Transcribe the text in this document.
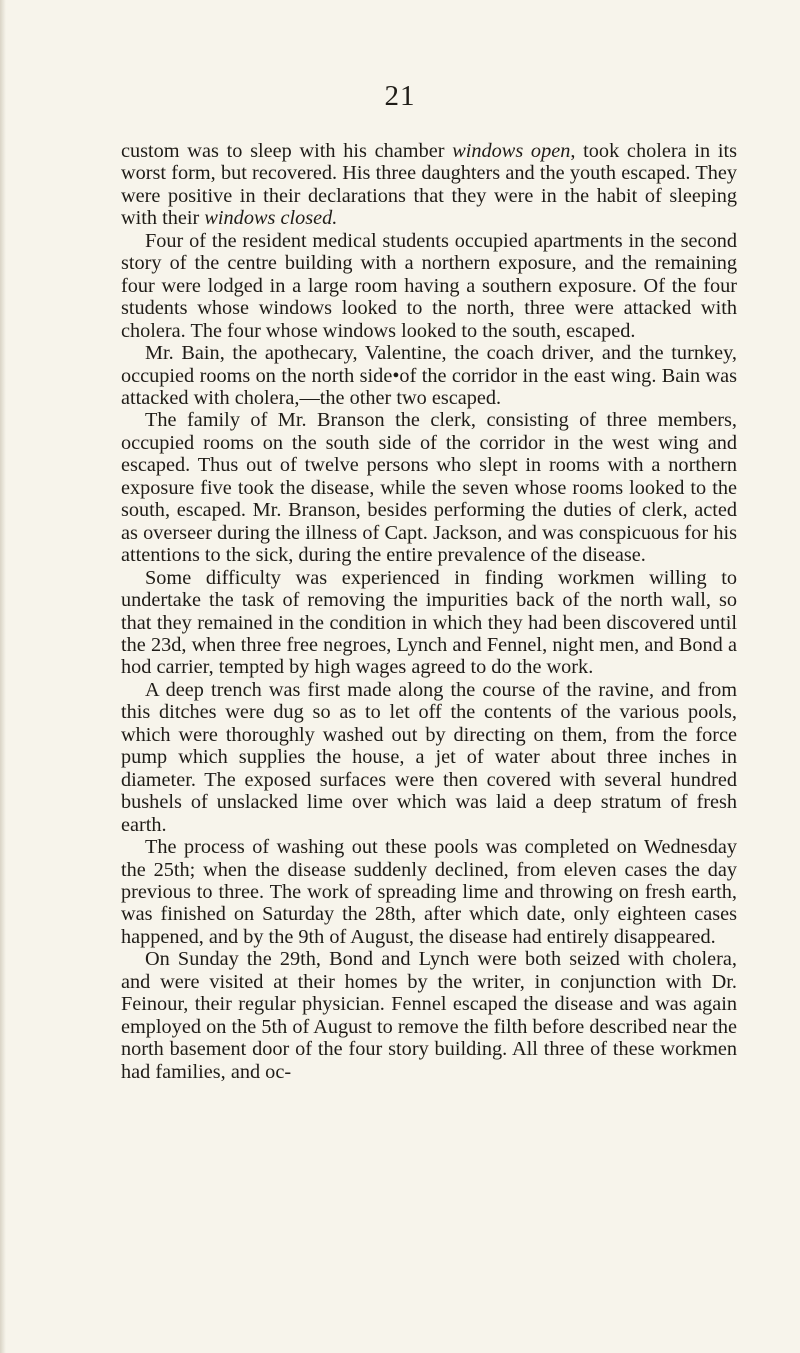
21

custom was to sleep with his chamber windows open, took cholera in its worst form, but recovered. His three daughters and the youth escaped. They were positive in their declarations that they were in the habit of sleeping with their windows closed.

Four of the resident medical students occupied apartments in the second story of the centre building with a northern exposure, and the remaining four were lodged in a large room having a southern exposure. Of the four students whose windows looked to the north, three were attacked with cholera. The four whose windows looked to the south, escaped.

Mr. Bain, the apothecary, Valentine, the coach driver, and the turnkey, occupied rooms on the north side•of the corridor in the east wing. Bain was attacked with cholera,—the other two escaped.

The family of Mr. Branson the clerk, consisting of three members, occupied rooms on the south side of the corridor in the west wing and escaped. Thus out of twelve persons who slept in rooms with a northern exposure five took the disease, while the seven whose rooms looked to the south, escaped. Mr. Branson, besides performing the duties of clerk, acted as overseer during the illness of Capt. Jackson, and was conspicuous for his attentions to the sick, during the entire prevalence of the disease.

Some difficulty was experienced in finding workmen willing to undertake the task of removing the impurities back of the north wall, so that they remained in the condition in which they had been discovered until the 23d, when three free negroes, Lynch and Fennel, night men, and Bond a hod carrier, tempted by high wages agreed to do the work.

A deep trench was first made along the course of the ravine, and from this ditches were dug so as to let off the contents of the various pools, which were thoroughly washed out by directing on them, from the force pump which supplies the house, a jet of water about three inches in diameter. The exposed surfaces were then covered with several hundred bushels of unslacked lime over which was laid a deep stratum of fresh earth.

The process of washing out these pools was completed on Wednesday the 25th; when the disease suddenly declined, from eleven cases the day previous to three. The work of spreading lime and throwing on fresh earth, was finished on Saturday the 28th, after which date, only eighteen cases happened, and by the 9th of August, the disease had entirely disappeared.

On Sunday the 29th, Bond and Lynch were both seized with cholera, and were visited at their homes by the writer, in conjunction with Dr. Feinour, their regular physician. Fennel escaped the disease and was again employed on the 5th of August to remove the filth before described near the north basement door of the four story building. All three of these workmen had families, and oc-
